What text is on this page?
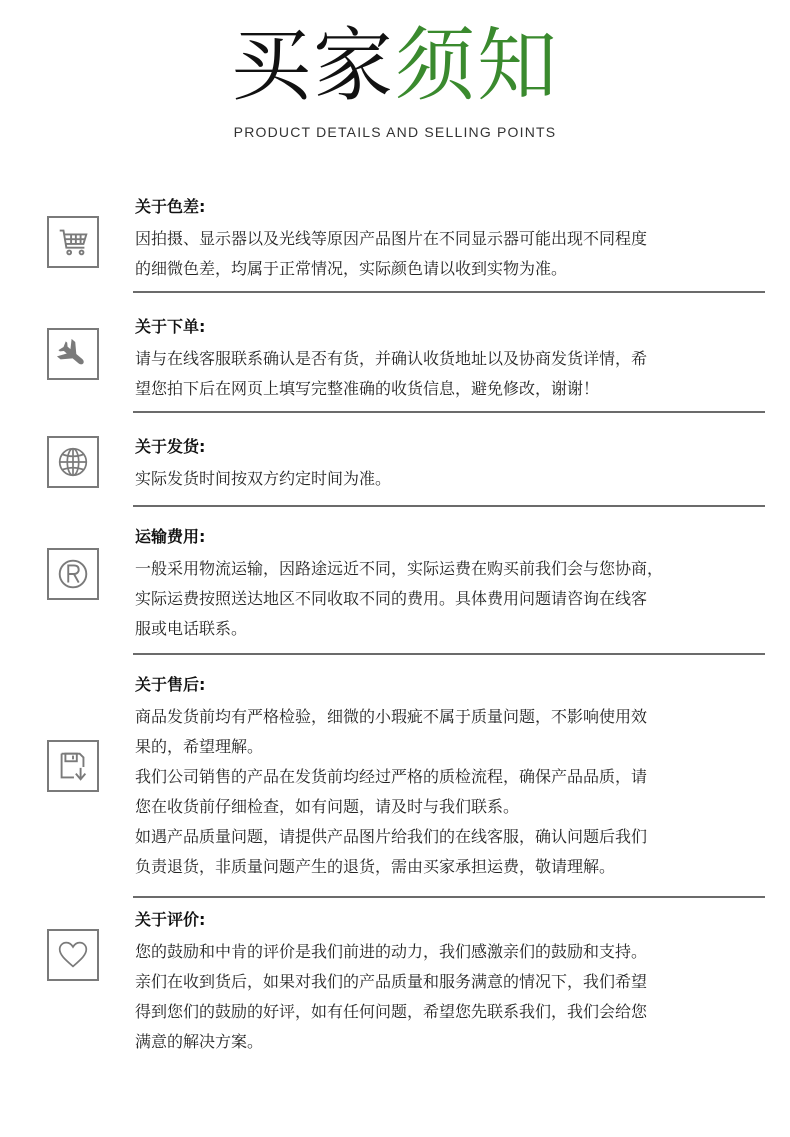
买家须知
PRODUCT DETAILS AND SELLING POINTS
关于色差:
因拍摄、显示器以及光线等原因产品图片在不同显示器可能出现不同程度
的细微色差，均属于正常情况，实际颜色请以收到实物为准。
关于下单:
请与在线客服联系确认是否有货，并确认收货地址以及协商发货详情，希
望您拍下后在网页上填写完整准确的收货信息，避免修改，谢谢！
关于发货:
实际发货时间按双方约定时间为准。
运输费用:
一般采用物流运输，因路途远近不同，实际运费在购买前我们会与您协商，
实际运费按照送达地区不同收取不同的费用。具体费用问题请咨询在线客
服或电话联系。
关于售后:
商品发货前均有严格检验，细微的小瑕疵不属于质量问题，不影响使用效
果的，希望理解。
我们公司销售的产品在发货前均经过严格的质检流程，确保产品品质，请
您在收货前仔细检查，如有问题，请及时与我们联系。
如遇产品质量问题，请提供产品图片给我们的在线客服，确认问题后我们
负责退货，非质量问题产生的退货，需由买家承担运费，敬请理解。
关于评价:
您的鼓励和中肯的评价是我们前进的动力，我们感激亲们的鼓励和支持。
亲们在收到货后，如果对我们的产品质量和服务满意的情况下，我们希望
得到您们的鼓励的好评，如有任何问题，希望您先联系我们，我们会给您
满意的解决方案。
